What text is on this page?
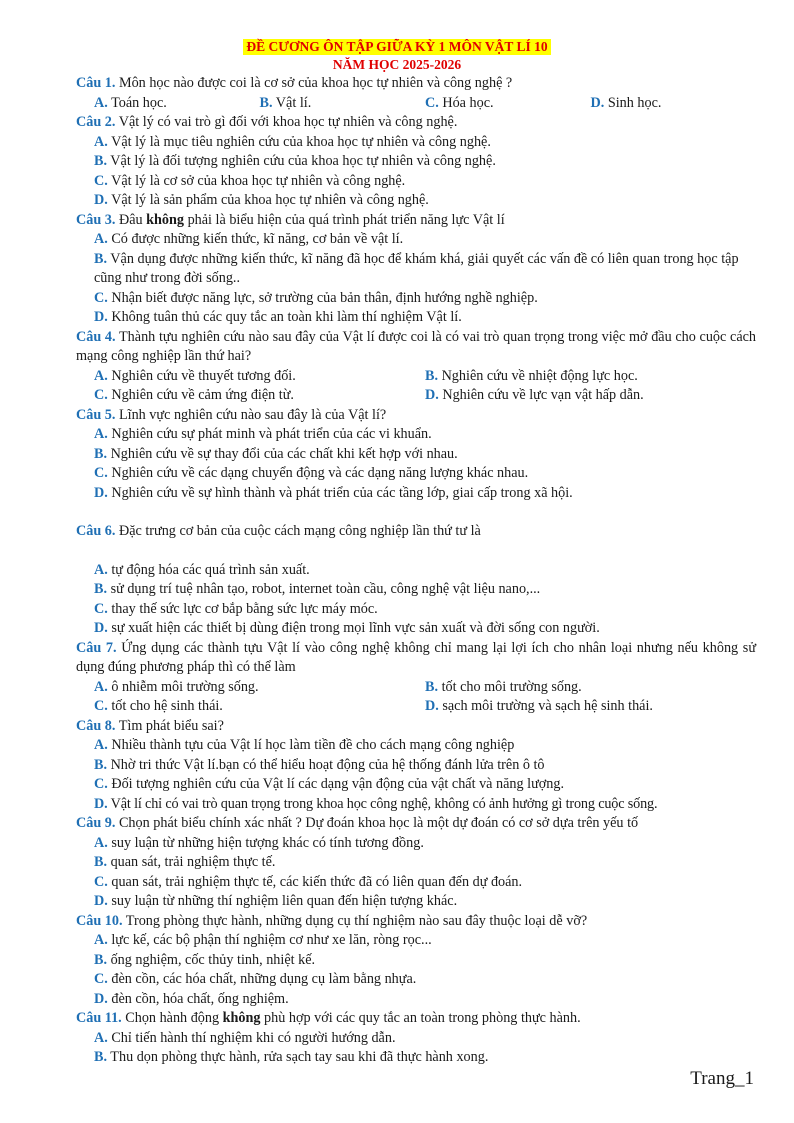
ĐỀ CƯƠNG ÔN TẬP GIỮA KỲ 1 MÔN VẬT LÍ 10
NĂM HỌC 2025-2026

Câu 1. Môn học nào được coi là cơ sở của khoa học tự nhiên và công nghệ ?

A. Toán học.	B. Vật lí.	C. Hóa học.	D. Sinh học.

Câu 2. Vật lý có vai trò gì đối với khoa học tự nhiên và công nghệ.

A. Vật lý là mục tiêu nghiên cứu của khoa học tự nhiên và công nghệ.

B. Vật lý là đối tượng nghiên cứu của khoa học tự nhiên và công nghệ.

C. Vật lý là cơ sở của khoa học tự nhiên và công nghệ.

D. Vật lý là sản phẩm của khoa học tự nhiên và công nghệ.

Câu 3. Đâu không phải là biểu hiện của quá trình phát triển năng lực Vật lí

A. Có được những kiến thức, kĩ năng, cơ bản về vật lí.

B. Vận dụng được những kiến thức, kĩ năng đã học để khám khá, giải quyết các vấn đề có liên quan trong học tập cũng như trong đời sống..

C. Nhận biết được năng lực, sở trường của bản thân, định hướng nghề nghiệp.

D. Không tuân thủ các quy tắc an toàn khi làm thí nghiệm Vật lí.

Câu 4. Thành tựu nghiên cứu nào sau đây của Vật lí được coi là có vai trò quan trọng trong việc mở đầu cho cuộc cách mạng công nghiệp lần thứ hai?

A. Nghiên cứu về thuyết tương đối.	B. Nghiên cứu về nhiệt động lực học.
C. Nghiên cứu về cảm ứng điện từ.	D. Nghiên cứu về lực vạn vật hấp dẫn.

Câu 5. Lĩnh vực nghiên cứu nào sau đây là của Vật lí?

A. Nghiên cứu sự phát minh và phát triển của các vi khuẩn.

B. Nghiên cứu về sự thay đổi của các chất khi kết hợp với nhau.

C. Nghiên cứu về các dạng chuyển động và các dạng năng lượng khác nhau.

D. Nghiên cứu về sự hình thành và phát triển của các tầng lớp, giai cấp trong xã hội.

Câu 6. Đặc trưng cơ bản của cuộc cách mạng công nghiệp lần thứ tư là

A. tự động hóa các quá trình sản xuất.

B. sử dụng trí tuệ nhân tạo, robot, internet toàn cầu, công nghệ vật liệu nano,...

C. thay thế sức lực cơ bắp bằng sức lực máy móc.

D. sự xuất hiện các thiết bị dùng điện trong mọi lĩnh vực sản xuất và đời sống con người.

Câu 7. Ứng dụng các thành tựu Vật lí vào công nghệ không chỉ mang lại lợi ích cho nhân loại nhưng nếu không sử dụng đúng phương pháp thì có thể làm

A. ô nhiễm môi trường sống.	B. tốt cho môi trường sống.
C. tốt cho hệ sinh thái.	D. sạch môi trường và sạch hệ sinh thái.

Câu 8. Tìm phát biểu sai?

A. Nhiều thành tựu của Vật lí học làm tiền đề cho cách mạng công nghiệp

B. Nhờ tri thức Vật lí.bạn có thể hiểu hoạt động của hệ thống đánh lửa trên ô tô

C. Đối tượng nghiên cứu của Vật lí các dạng vận động của vật chất và năng lượng.

D. Vật lí chỉ có vai trò quan trọng trong khoa học công nghệ, không có ảnh hưởng gì trong cuộc sống.

Câu 9. Chọn phát biểu chính xác nhất ? Dự đoán khoa học là một dự đoán có cơ sở dựa trên yếu tố

A. suy luận từ những hiện tượng khác có tính tương đồng.

B. quan sát, trải nghiệm thực tế.

C. quan sát, trải nghiệm thực tế, các kiến thức đã có liên quan đến dự đoán.

D. suy luận từ những thí nghiệm liên quan đến hiện tượng khác.

Câu 10. Trong phòng thực hành, những dụng cụ thí nghiệm nào sau đây thuộc loại dễ vỡ?

A. lực kế, các bộ phận thí nghiệm cơ như xe lăn, ròng rọc...

B. ống nghiệm, cốc thủy tinh, nhiệt kế.

C. đèn cồn, các hóa chất, những dụng cụ làm bằng nhựa.

D. đèn cồn, hóa chất, ống nghiệm.

Câu 11. Chọn hành động không phù hợp với các quy tắc an toàn trong phòng thực hành.

A. Chỉ tiến hành thí nghiệm khi có người hướng dẫn.

B. Thu dọn phòng thực hành, rửa sạch tay sau khi đã thực hành xong.

Trang_1
